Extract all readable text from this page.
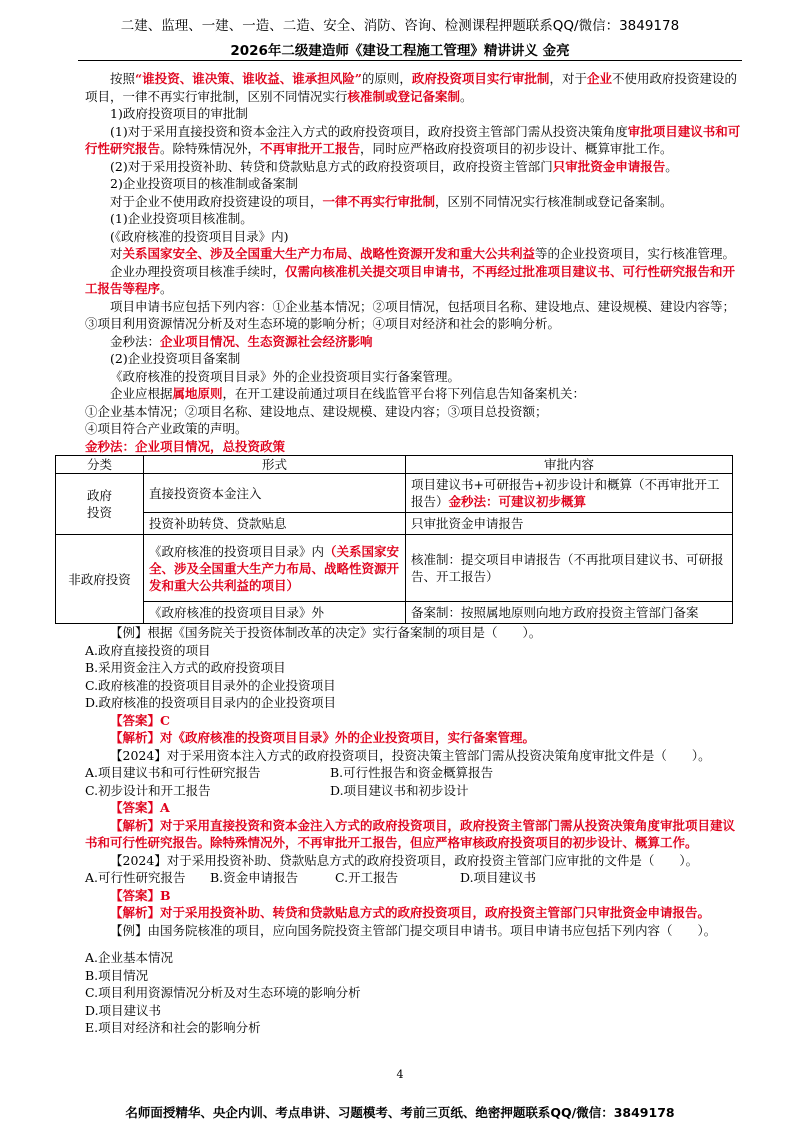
二建、监理、一建、一造、二造、安全、消防、咨询、检测课程押题联系QQ/微信：3849178
2026年二级建造师《建设工程施工管理》精讲讲义 金亮

按照“谁投资、谁决策、谁收益、谁承担风险”的原则，政府投资项目实行审批制，对于企业不使用政府投资建设的项目，一律不再实行审批制，区别不同情况实行核准制或登记备案制。

1)政府投资项目的审批制

(1)对于采用直接投资和资本金注入方式的政府投资项目，政府投资主管部门需从投资决策角度审批项目建议书和可行性研究报告。除特殊情况外，不再审批开工报告，同时应严格政府投资项目的初步设计、概算审批工作。

(2)对于采用投资补助、转贷和贷款贴息方式的政府投资项目，政府投资主管部门只审批资金申请报告。

2)企业投资项目的核准制或备案制

对于企业不使用政府投资建设的项目，一律不再实行审批制，区别不同情况实行核准制或登记备案制。

(1)企业投资项目核准制。

(《政府核准的投资项目目录》内)

对关系国家安全、涉及全国重大生产力布局、战略性资源开发和重大公共利益等的企业投资项目，实行核准管理。

企业办理投资项目核准手续时，仅需向核准机关提交项目申请书，不再经过批准项目建议书、可行性研究报告和开工报告等程序。

项目申请书应包括下列内容：①企业基本情况；②项目情况，包括项目名称、建设地点、建设规模、建设内容等；③项目利用资源情况分析及对生态环境的影响分析；④项目对经济和社会的影响分析。

金秒法：企业项目情况、生态资源社会经济影响

(2)企业投资项目备案制

《政府核准的投资项目目录》外的企业投资项目实行备案管理。

企业应根据属地原则，在开工建设前通过项目在线监管平台将下列信息告知备案机关：

①企业基本情况；②项目名称、建设地点、建设规模、建设内容；③项目总投资额；

④项目符合产业政策的声明。

金秒法：企业项目情况，总投资政策

分类	形式	审批内容
政府
投资	直接投资资本金注入	项目建议书+可研报告+初步设计和概算（不再审批开工报告）金秒法：可建议初步概算
	投资补助转贷、贷款贴息	只审批资金申请报告
非政府投资	《政府核准的投资项目目录》内（关系国家安全、涉及全国重大生产力布局、战略性资源开发和重大公共利益的项目）	核准制：提交项目申请报告（不再批项目建议书、可研报告、开工报告）
	《政府核准的投资项目目录》外	备案制：按照属地原则向地方政府投资主管部门备案

【例】根据《国务院关于投资体制改革的决定》实行备案制的项目是（　　）。

A.政府直接投资的项目
B.采用资金注入方式的政府投资项目
C.政府核准的投资项目目录外的企业投资项目
D.政府核准的投资项目目录内的企业投资项目

【答案】C

【解析】对《政府核准的投资项目目录》外的企业投资项目，实行备案管理。

【2024】对于采用资本注入方式的政府投资项目，投资决策主管部门需从投资决策角度审批文件是（　　）。

A.项目建议书和可行性研究报告	B.可行性报告和资金概算报告
C.初步设计和开工报告	D.项目建议书和初步设计

【答案】A

【解析】对于采用直接投资和资本金注入方式的政府投资项目，政府投资主管部门需从投资决策角度审批项目建议书和可行性研究报告。除特殊情况外，不再审批开工报告，但应严格审核政府投资项目的初步设计、概算工作。

【2024】对于采用投资补助、贷款贴息方式的政府投资项目，政府投资主管部门应审批的文件是（　　）。

A.可行性研究报告	B.资金申请报告	C.开工报告	D.项目建议书

【答案】B

【解析】对于采用投资补助、转贷和贷款贴息方式的政府投资项目，政府投资主管部门只审批资金申请报告。

【例】由国务院核准的项目，应向国务院投资主管部门提交项目申请书。项目申请书应包括下列内容（　　）。

A.企业基本情况
B.项目情况
C.项目利用资源情况分析及对生态环境的影响分析
D.项目建议书
E.项目对经济和社会的影响分析
4
名师面授精华、央企内训、考点串讲、习题模考、考前三页纸、绝密押题联系QQ/微信：3849178
